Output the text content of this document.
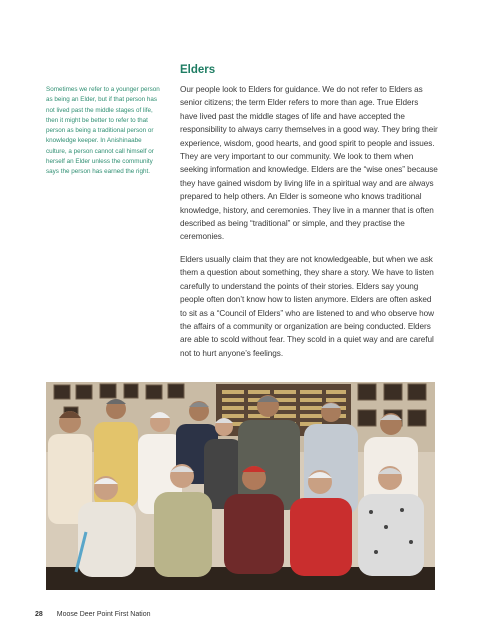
Sometimes we refer to a younger person as being an Elder, but if that person has not lived past the middle stages of life, then it might be better to refer to that person as being a traditional person or knowledge keeper. In Anishinaabe culture, a person cannot call himself or herself an Elder unless the community says the person has earned the right.
Elders

Our people look to Elders for guidance. We do not refer to Elders as senior citizens; the term Elder refers to more than age. True Elders have lived past the middle stages of life and have accepted the responsibility to always carry themselves in a good way. They bring their experience, wisdom, good hearts, and good spirit to people and issues. They are very important to our community. We look to them when seeking information and knowledge. Elders are the “wise ones” because they have gained wisdom by living life in a spiritual way and are always prepared to help others. An Elder is someone who knows traditional knowledge, history, and ceremonies. They live in a manner that is often described as being “traditional” or simple, and they practise the ceremonies.

Elders usually claim that they are not knowledgeable, but when we ask them a question about something, they share a story. We have to listen carefully to understand the points of their stories. Elders say young people often don’t know how to listen anymore. Elders are often asked to sit as a “Council of Elders” who are listened to and who observe how the affairs of a community or organization are being conducted. Elders are able to scold without fear. They scold in a quiet way and are careful not to hurt anyone’s feelings.

28 Moose Deer Point First Nation
